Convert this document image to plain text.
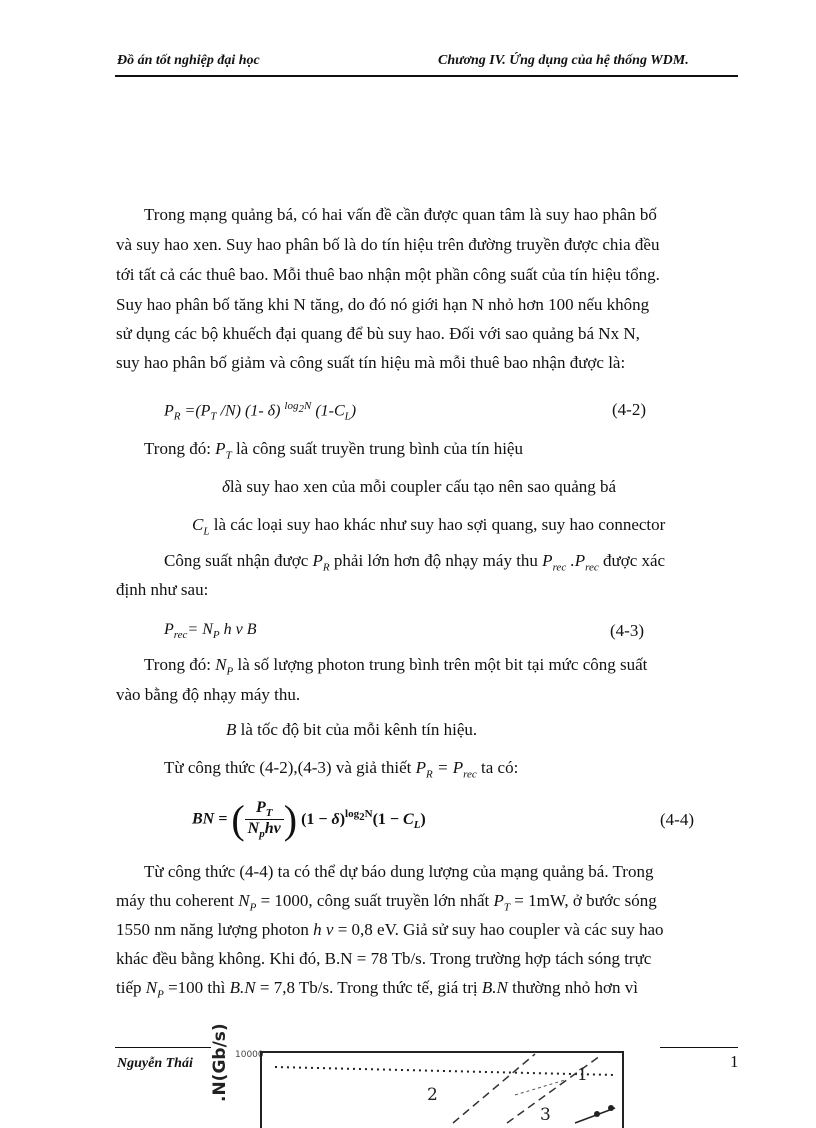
Đồ án tốt nghiệp đại học	Chương IV. Ứng dụng của hệ thống WDM.
Trong mạng quảng bá, có hai vấn đề cần được quan tâm là suy hao phân bố
và suy hao xen. Suy hao phân bố là do tín hiệu trên đường truyền được chia đều
tới tất cả các thuê bao. Mỗi thuê bao nhận một phần công suất của tín hiệu tổng.
Suy hao phân bố tăng khi N tăng, do đó nó giới hạn N nhỏ hơn 100 nếu không
sử dụng các bộ khuếch đại quang để bù suy hao. Đối với sao quảng bá Nx N,
suy hao phân bố giảm và công suất tín hiệu mà mỗi thuê bao nhận được là:
$P_R =(P_T$ /N) (1- δ) $^{log_2N}$ $(1-C_L)$	(4-2)
Trong đó: $P_T$ là công suất truyền trung bình của tín hiệu
δlà suy hao xen của mỗi coupler cấu tạo nên sao quảng bá
$C_L$ là các loại suy hao khác như suy hao sợi quang, suy hao connector
Công suất nhận được $P_R$ phải lớn hơn độ nhạy máy thu $P_{rec}$ $.P_{rec}$ được xác
định như sau:
$P_{rec}= N_P$ h ν B	(4-3)
Trong đó: $N_P$ là số lượng photon trung bình trên một bit tại mức công suất
vào bằng độ nhạy máy thu.
B là tốc độ bit của mỗi kênh tín hiệu.
Từ công thức (4-2),(4-3) và giả thiết $P_R = P_{rec}$ ta có:
BN = ( $\frac{P_T}{N_ph\nu}$ ) $(1 - \delta)^{log_2N}(1 - C_L)$	(4-4)
Từ công thức (4-4) ta có thể dự báo dung lượng của mạng quảng bá. Trong
máy thu coherent $N_P = 1000$, công suất truyền lớn nhất $P_T = 1mW$, ở bước sóng
1550 nm năng lượng photon h ν = 0,8 eV. Giả sử suy hao coupler và các suy hao
khác đều bằng không. Khi đó, B.N = 78 Tb/s. Trong trường hợp tách sóng trực
tiếp $N_P =100$ thì B.N = 7,8 Tb/s. Trong thức tế, giá trị B.N thường nhỏ hơn vì
Nguyễn Thái	1
.N(Gb/s) 10000
2
1
3
